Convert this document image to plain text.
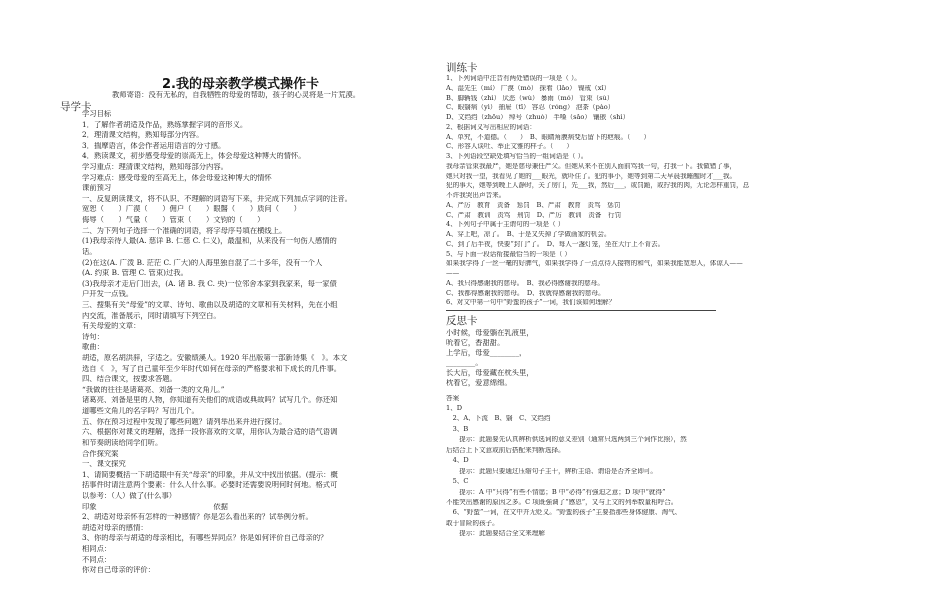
2.我的母亲教学模式操作卡
教师寄语：没有无私的，自我牺牲的母爱的帮助，孩子的心灵将是一片荒漠。
导学卡
学习目标
1．了解作者胡适及作品，熟练掌握字词的音形义。
2．理清课文结构，熟知每部分内容。
3．揣摩语言，体会作者运用语言的分寸感。
4．熟读课文，初步感受母爱的崇高无上，体会母爱这种博大的情怀。
学习重点：理清课文结构，熟知每部分内容。
学习难点：感受母爱的至高无上，体会母爱这种博大的情怀
课前预习
一、反复朗读课文，将不认识、不理解的词语写下来，并完成下列加点字词的注音。
宽恕（　　）广漠（　　）佣户（　　）眼醫（　　）质问（　　）
侮辱（　　）气量（　　）管束（　　）文钧的（　　）
二、为下列句子选择一个准确的词语，将字母序号填在横线上。
(1)我母亲待人最(A. 慈详 B. 仁慈 C. 仁义)，最温和，从来没有一句伤人感情的
话。
(2)在这(A. 广泼 B. 茫茫 C. 广大)的人海里独自混了二十多年，没有一个人
(A. 约束 B. 管理 C. 管束)过我。
(3)我母亲才走后门出去，(A. 诸 B. 我 C. 央)一位邻舍本家到我家来，每一家债
户开发一点钱。
三、搜集有关“母爱”的文章、诗句、歌曲以及胡适的文章和有关材料，先在小组
内交流，准备展示，同时请填写下列空白。
有关母爱的文章：
诗句：
歌曲：
胡适，原名胡洪骍，字适之。安徽绩溪人。1920 年出版第一部新诗集《　》。本文
选自《　》，写了自己童年至少年时代如何在母亲的严格要求和下成长的几件事。
四、结合课文，按要求答题。
“我做的往往是诸葛亮、刘备一类的文角儿。”
诸葛亮、刘备是里的人物，你知道有关他们的成语或典故吗？试写几个。你还知
道哪些文角儿的名字吗？写出几个。
五、你在预习过程中发现了哪些问题？请列举出来并进行探讨。
六、根据你对课文的理解，选择一段你喜欢的文章，用你认为最合适的语气语调
和节奏朗读给同学们听。
合作探究案
一、课文探究
1、请简要概括一下胡适眼中有关“母亲”的印象，并从文中找出依据。(提示：概
括事件时请注意两个要素：什么人什么事。必要时还需要说明何时何地。格式可
以参考：（人）做了(什么事）
印象　　　　　　　　　　　　　　　　依据
2、胡适对母亲怀有怎样的一种感情？你是怎么看出来的？试举例分析。
胡适对母亲的感情：
3、你的母亲与胡适的母亲相比，有哪些异同点？你是如何评价自己母亲的？
相同点：
不同点：
你对自己母亲的评价：
训练卡
1、下列词语中注音有两处错误的一项是（ ）。
A、湿先生（mí） 广漠（mò） 探着（lǎo） 镍戒（xǐ）
B、脚辆钱（zhì） 厌恶（wù） 暴雨（mó） 管束（sù）
C、眼翳病（yì） 抽屉（tī） 容忍（róng） 泡茶（pào）
D、文绉绉（zhōu） 绰号（zhuò） 半嗓（sǎo） 镶嵌（shì）
2、根据词义写出相应的词语：
A、单究，不道德。（　　）　B、眼睛角膜病变后留下的疤痕。（　　）
C、形容人谈吐、举止文雅的样子。（　　）
3、下列语段空缺处填写恰当的一组词语是（ ）。
我母亲管束我最严，她是慈母兼任严父。但她从来不在别人面前骂我一句，打我一下。我做错了事，
她只对我一望，我看见了她的___眼光，就吓住了。犯的事小，她等到第二天早晨我睡醒时才___我。
犯的事大，她等到晚上人静时，关了房门，先___我，然后___，或罚跪，或拧我的肉，无论怎样重罚，总
不许我哭出声音来。
A、严厉　教育　责备　惩罚　B、严肃　教育　责骂　惩罚
C、严肃　教训　责骂　刑罚　D、严厉　教训　责备　行罚
4、下列句子中属于主谓句的一项是（ ）
A、穿上吧，凉了。　B、于是又失掉了学做画家的机会。
C、到了后半夜，快要“封门”了。　D、每人一盏灯笼，坐在大厅上不肯去。
5、与下面一段话衔接最恰当的一项是（ ）
如果我学得了一丝一毫的好脾气，如果我学得了一点点待人接物的和气，如果我能宽恕人，体谅人——
——
A、我只得感谢我的慈母。　B、我必得感谢我的慈母。
C、我都得感谢我的慈母。　D、我就得感谢我的慈母。
6、对文中第一句中“野蛮的孩子”一词，我们该如何理解？
反思卡
小时候，母爱躺在乳液里，
吮着它，香甜甜。
上学后，母爱________，
________。
长大后，母爱藏在枕头里，
枕着它，爱意绵绵。
答案
1、D
　2、A、下流　B、翳　C、文绉绉
　3、B
　　提示：此题要先认真辨析供选词的意义差别（通常只选两到三个词作比照），然
后结合上下文意或前后搭配来判断选择。
　4、D
　　提示：此题只要通过压缩句子主干，辨析主语、谓语是否齐全即可。
　5、C
　　提示：A 中“只得”有些不情愿；B 中“必得”有强迫之意；D 项中“就得”
不能突出感谢的原因之多。C 项既强调了“感恩”，又与上文的列举数量相呼合。
　6、“野蛮”一词，在文中并无贬义。“野蛮的孩子”主要指那些身体健康、淘气、
敢于冒险的孩子。
　　提示：此题要结合全文来理解
